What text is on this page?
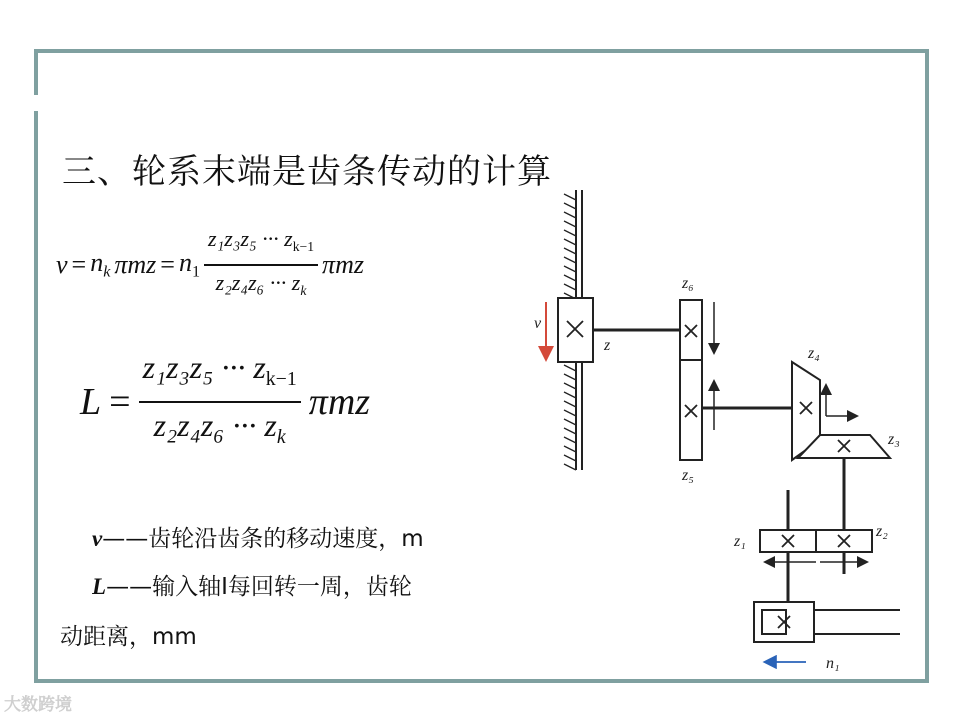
三、轮系末端是齿条传动的计算
$v = n_k$ $\pi mz = n_1 \frac{z_1z_3z_5 \cdot\cdot\cdot z_{k-1}}{z_2z_4z_6 \cdot\cdot\cdot z_k}$ πmz
$L = \frac{z_1z_3z_5 \cdot\cdot\cdot z_{k-1}}{z_2z_4z_6 \cdot\cdot\cdot z_k}$ πmz
v——齿轮沿齿条的移动速度，m
L——输入轴I每回转一周，齿轮
动距离，mm
v
z
z₆
z₅
z₄
z₃
z₁
z₂
n₁
大数跨境
